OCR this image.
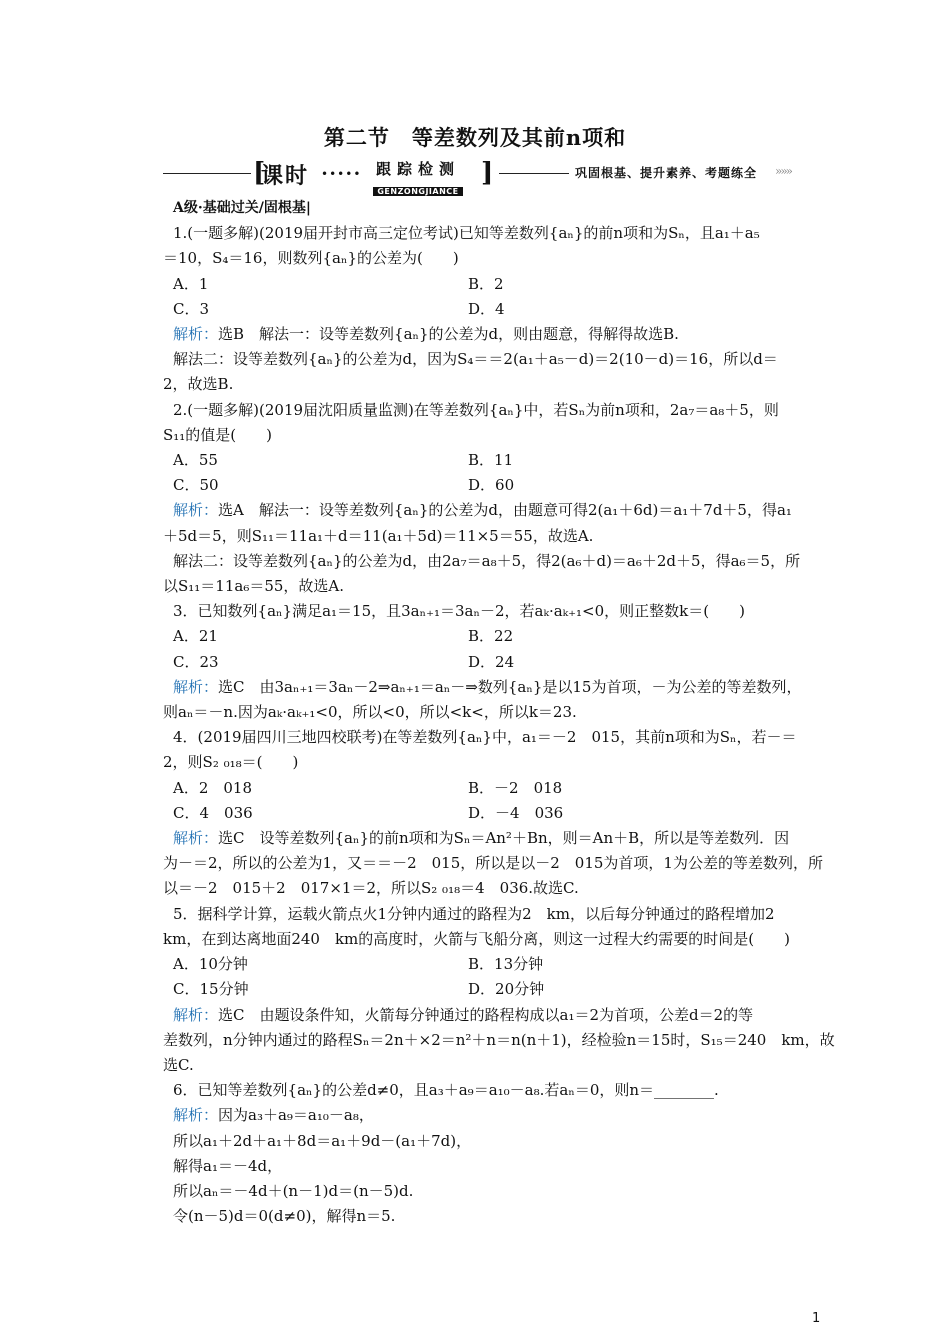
第二节　等差数列及其前n项和
[
课时 ••••• 跟踪检测
GENZONGJIANCE
]	巩固根基、提升素养、考题练全 »»»
A级·基础过关/固根基|
1.(一题多解)(2019届开封市高三定位考试)已知等差数列{aₙ}的前n项和为Sₙ，且a₁＋a₅
＝10，S₄＝16，则数列{aₙ}的公差为(　　)
A．1	B．2
C．3	D．4
解析：选B　解法一：设等差数列{aₙ}的公差为d，则由题意，得解得故选B.
解法二：设等差数列{aₙ}的公差为d，因为S₄＝＝2(a₁＋a₅－d)＝2(10－d)＝16，所以d＝
2，故选B.
2.(一题多解)(2019届沈阳质量监测)在等差数列{aₙ}中，若Sₙ为前n项和，2a₇＝a₈＋5，则
S₁₁的值是(　　)
A．55	B．11
C．50	D．60
解析：选A　解法一：设等差数列{aₙ}的公差为d，由题意可得2(a₁＋6d)＝a₁＋7d＋5，得a₁
＋5d＝5，则S₁₁＝11a₁＋d＝11(a₁＋5d)＝11×5＝55，故选A.
解法二：设等差数列{aₙ}的公差为d，由2a₇＝a₈＋5，得2(a₆＋d)＝a₆＋2d＋5，得a₆＝5，所
以S₁₁＝11a₆＝55，故选A.
3．已知数列{aₙ}满足a₁＝15，且3aₙ₊₁＝3aₙ－2，若aₖ·aₖ₊₁<0，则正整数k＝(　　)
A．21	B．22
C．23	D．24
解析：选C　由3aₙ₊₁＝3aₙ－2⇒aₙ₊₁＝aₙ－⇒数列{aₙ}是以15为首项，－为公差的等差数列，
则aₙ＝－n.因为aₖ·aₖ₊₁<0，所以<0，所以<k<，所以k＝23.
4．(2019届四川三地四校联考)在等差数列{aₙ}中，a₁＝－2　015，其前n项和为Sₙ，若－＝
2，则S₂ ₀₁₈＝(　　)
A．2　018	B．－2　018
C．4　036	D．－4　036
解析：选C　设等差数列{aₙ}的前n项和为Sₙ＝An²＋Bn，则＝An＋B，所以是等差数列．因
为－＝2，所以的公差为1，又＝＝－2　015，所以是以－2　015为首项，1为公差的等差数列，所
以＝－2　015＋2　017×1＝2，所以S₂ ₀₁₈＝4　036.故选C.
5．据科学计算，运载火箭点火1分钟内通过的路程为2　km，以后每分钟通过的路程增加2
km，在到达离地面240　km的高度时，火箭与飞船分离，则这一过程大约需要的时间是(　　)
A．10分钟	B．13分钟
C．15分钟	D．20分钟
解析：选C　由题设条件知，火箭每分钟通过的路程构成以a₁＝2为首项，公差d＝2的等
差数列，n分钟内通过的路程Sₙ＝2n＋×2＝n²＋n＝n(n＋1)，经检验n＝15时，S₁₅＝240　km，故
选C.
6．已知等差数列{aₙ}的公差d≠0，且a₃＋a₉＝a₁₀－a₈.若aₙ＝0，则n＝________.
解析：因为a₃＋a₉＝a₁₀－a₈，
所以a₁＋2d＋a₁＋8d＝a₁＋9d－(a₁＋7d)，
解得a₁＝－4d，
所以aₙ＝－4d＋(n－1)d＝(n－5)d.
令(n－5)d＝0(d≠0)，解得n＝5.
1
